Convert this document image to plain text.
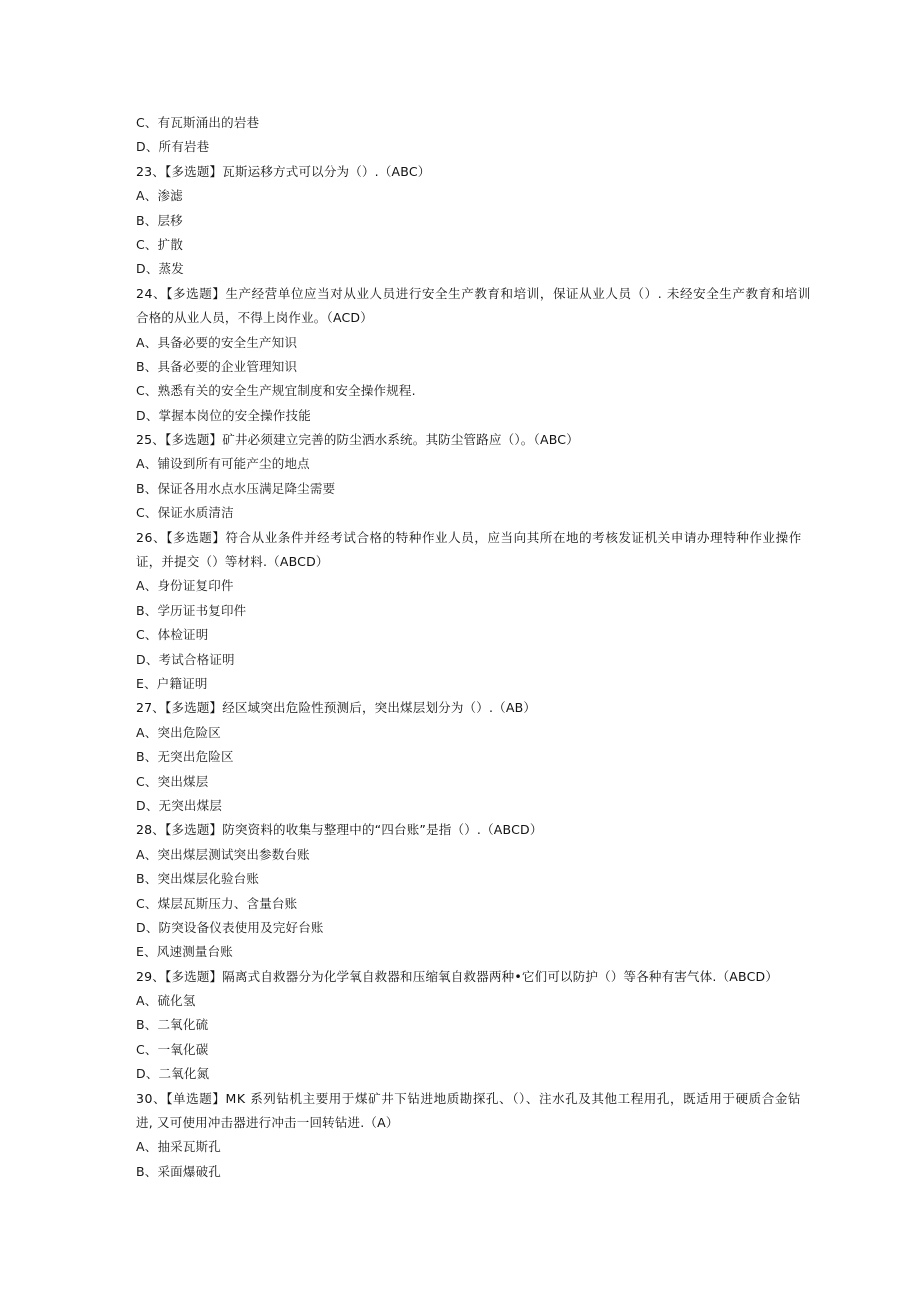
C、有瓦斯涌出的岩巷
D、所有岩巷
23、【多选题】瓦斯运移方式可以分为（）.（ABC）
A、渗滤
B、层移
C、扩散
D、蒸发
24、【多选题】生产经营单位应当对从业人员进行安全生产教育和培训，保证从业人员（）. 未经安全生产教育和培训
合格的从业人员，不得上岗作业。（ACD）
A、具备必要的安全生产知识
B、具备必要的企业管理知识
C、熟悉有关的安全生产规宜制度和安全操作规程.
D、掌握本岗位的安全操作技能
25、【多选题】矿井必须建立完善的防尘洒水系统。其防尘管路应（）。（ABC）
A、铺设到所有可能产尘的地点
B、保证各用水点水压满足降尘需要
C、保证水质清洁
26、【多选题】符合从业条件并经考试合格的特种作业人员，应当向其所在地的考核发证机关申请办理特种作业操作
证，并提交（）等材料.（ABCD）
A、身份证复印件
B、学历证书复印件
C、体检证明
D、考试合格证明
E、户籍证明
27、【多选题】经区域突出危险性预测后，突出煤层划分为（）.（AB）
A、突出危险区
B、无突出危险区
C、突出煤层
D、无突出煤层
28、【多选题】防突资料的收集与整理中的“四台账”是指（）.（ABCD）
A、突出煤层测试突出参数台账
B、突出煤层化验台账
C、煤层瓦斯压力、含量台账
D、防突设备仪表使用及完好台账
E、风速测量台账
29、【多选题】隔离式自救器分为化学氧自救器和压缩氧自救器两种•它们可以防护（）等各种有害气体.（ABCD）
A、硫化氢
B、二氧化硫
C、一氧化碳
D、二氧化氮
30、【单选题】MK 系列钻机主要用于煤矿井下钻进地质勘探孔、（）、注水孔及其他工程用孔，既适用于硬质合金钻
进, 又可使用冲击器进行冲击一回转钻进.（A）
A、抽采瓦斯孔
B、采面爆破孔
